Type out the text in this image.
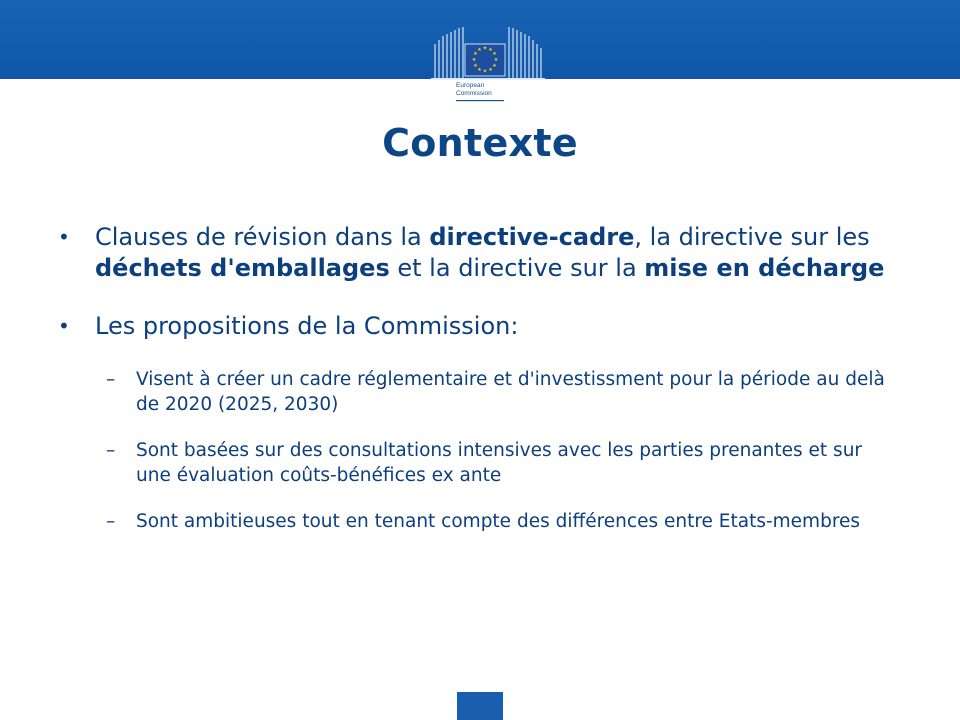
★ ★
★
★
★
★
★
★
★
★
★
★
European
Commission
Contexte
• Clauses de révision dans la directive-cadre, la directive sur les déchets d'emballages et la directive sur la mise en décharge
• Les propositions de la Commission:
– Visent à créer un cadre réglementaire et d'investissment pour la période au delà de 2020 (2025, 2030)
– Sont basées sur des consultations intensives avec les parties prenantes et sur une évaluation coûts-bénéfices ex ante
– Sont ambitieuses tout en tenant compte des différences entre Etats-membres
